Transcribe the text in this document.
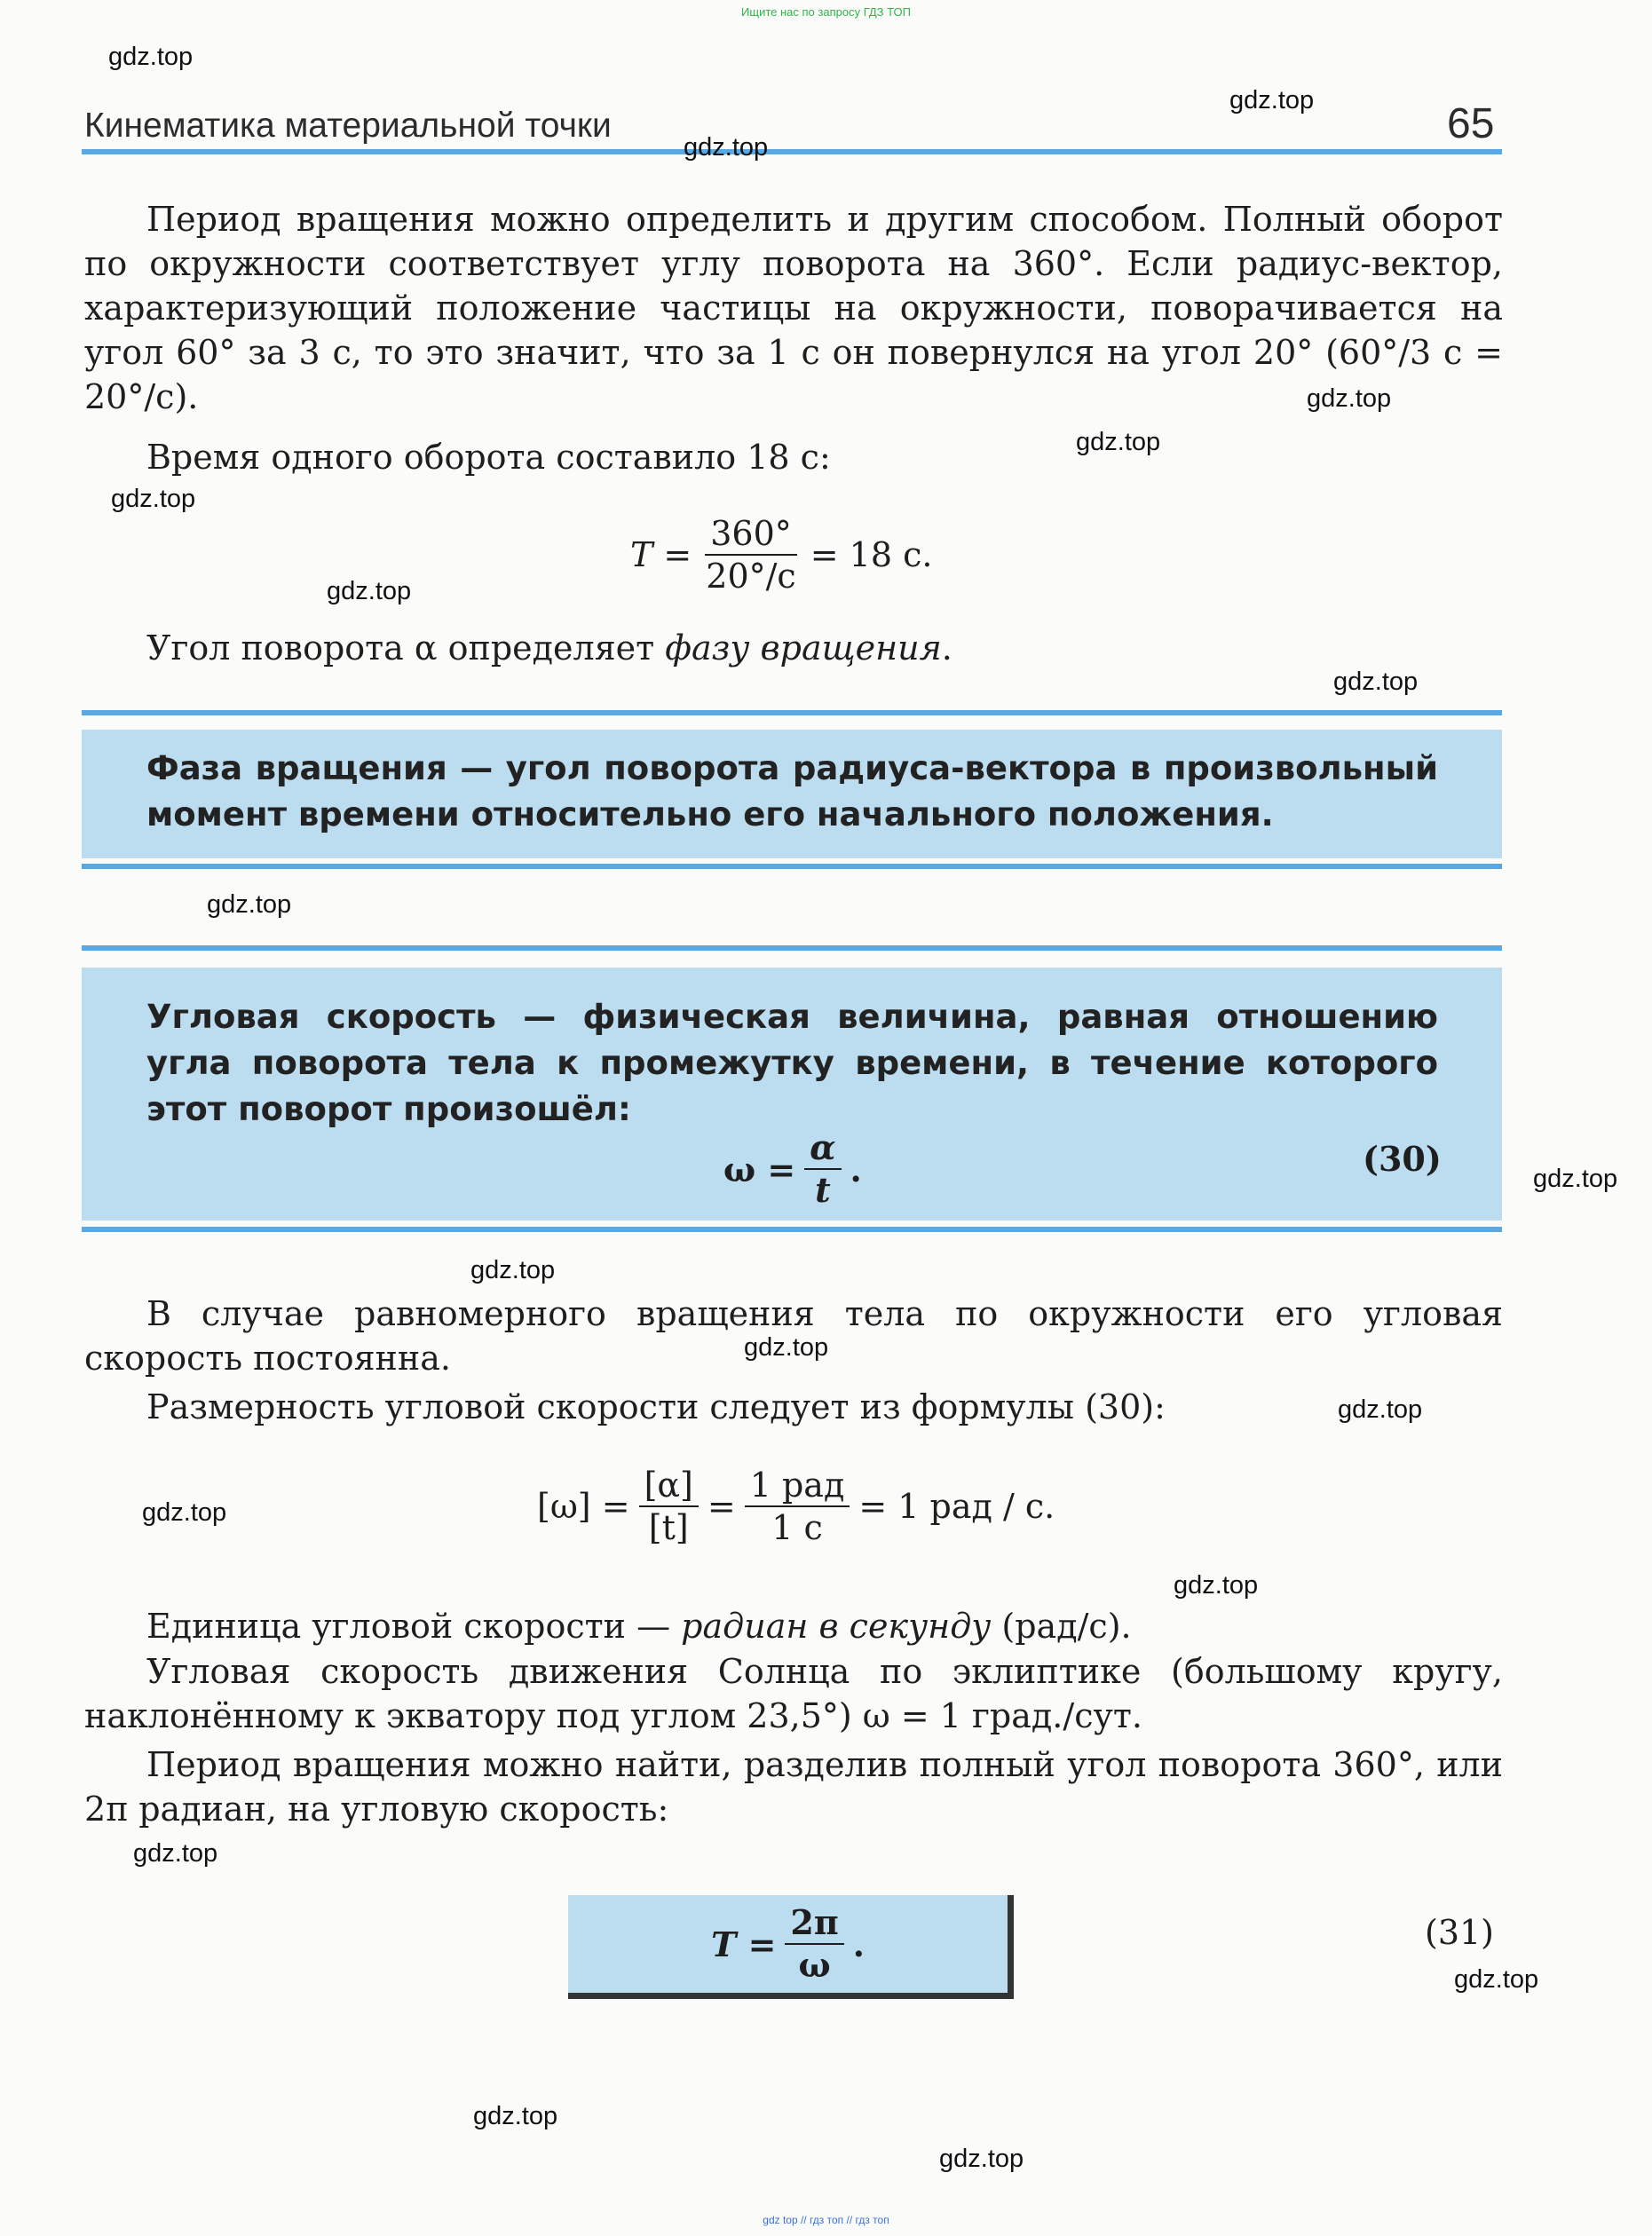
Ищите нас по запросу ГДЗ ТОП
Кинематика материальной точки	65
gdz.top
gdz.top
gdz.top
gdz.top
gdz.top
gdz.top
gdz.top
gdz.top
gdz.top
gdz.top
gdz.top
gdz.top
gdz.top
gdz.top
gdz.top
gdz.top
gdz.top
gdz.top
gdz.top
Период вращения можно определить и другим способом. Полный оборот по окружности соответствует углу поворота на 360°. Если радиус-вектор, характеризующий положение частицы на окружности, поворачивается на угол 60° за 3 с, то это значит, что за 1 с он повернулся на угол 20° (60°/3 с = 20°/с).
Время одного оборота составило 18 с:
$T = \frac{360^\circ}{20^\circ/с} = 18$ с.
Угол поворота α определяет фазу вращения.
Фаза вращения — угол поворота радиуса-вектора в произвольный момент времени относительно его начального положения.
Угловая скорость — физическая величина, равная отношению угла поворота тела к промежутку времени, в течение которого этот поворот произошёл:
$\omega = \frac{\alpha}{t}$ .	(30)
В случае равномерного вращения тела по окружности его угловая скорость постоянна.
Размерность угловой скорости следует из формулы (30):
$[\omega] = \frac{[\alpha]}{[t]} = \frac{\text{1 рад}}{1 с} = 1$ рад / с.
Единица угловой скорости — радиан в секунду (рад/с).
Угловая скорость движения Солнца по эклиптике (большому кругу, наклонённому к экватору под углом 23,5°) ω = 1 град./сут.
Период вращения можно найти, разделив полный угол поворота 360°, или 2π радиан, на угловую скорость:
$T = \frac{2\pi}{\omega}$ .	(31)
gdz top // гдз топ // гдз топ
